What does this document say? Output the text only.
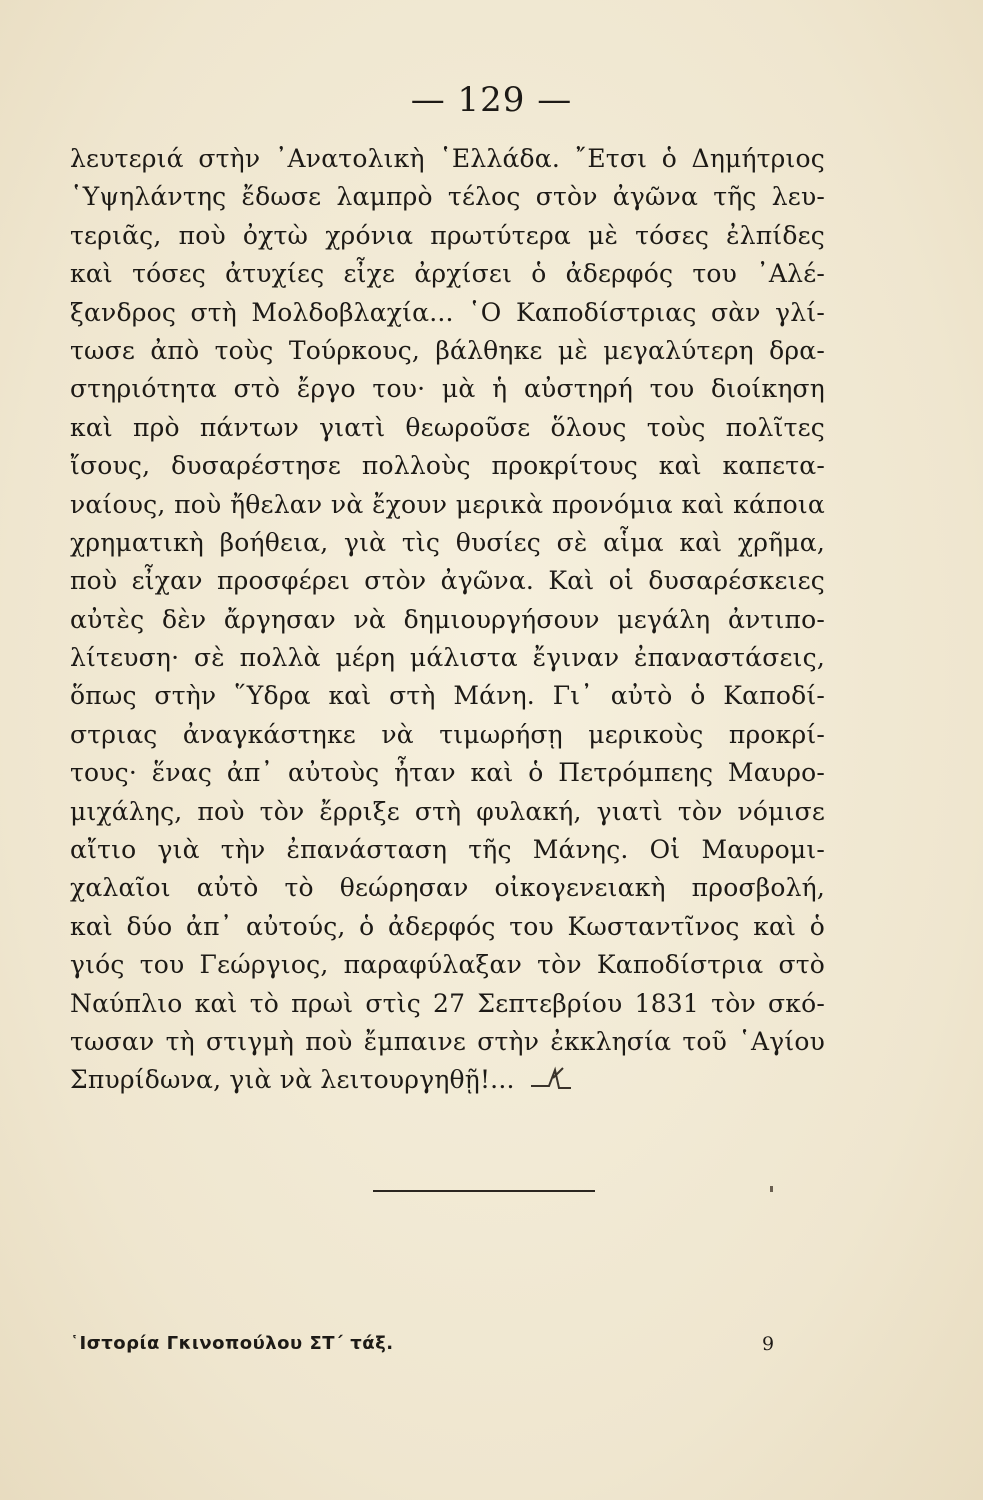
— 129 —
λευτεριά στὴν ᾿Ανατολικὴ ῾Ελλάδα. ῎Ετσι ὁ Δημήτριος
῾Υψηλάντης ἔδωσε λαμπρὸ τέλος στὸν ἀγῶνα τῆς λευ-
τεριᾶς, ποὺ ὀχτὼ χρόνια πρωτύτερα μὲ τόσες ἐλπίδες
καὶ τόσες ἀτυχίες εἶχε ἀρχίσει ὁ ἀδερφός του ᾿Αλέ-
ξανδρος στὴ Μολδοβλαχία... ῾Ο Καποδίστριας σὰν γλί-
τωσε ἀπὸ τοὺς Τούρκους, βάλθηκε μὲ μεγαλύτερη δρα-
στηριότητα στὸ ἔργο του· μὰ ἡ αὐστηρή του διοίκηση
καὶ πρὸ πάντων γιατὶ θεωροῦσε ὅλους τοὺς πολῖτες
ἴσους, δυσαρέστησε πολλοὺς προκρίτους καὶ καπετα-
ναίους, ποὺ ἤθελαν νὰ ἔχουν μερικὰ προνόμια καὶ κάποια
χρηματικὴ βοήθεια, γιὰ τὶς θυσίες σὲ αἷμα καὶ χρῆμα,
ποὺ εἶχαν προσφέρει στὸν ἀγῶνα. Καὶ οἱ δυσαρέσκειες
αὐτὲς δὲν ἄργησαν νὰ δημιουργήσουν μεγάλη ἀντιπο-
λίτευση· σὲ πολλὰ μέρη μάλιστα ἔγιναν ἐπαναστάσεις,
ὅπως στὴν ῞Υδρα καὶ στὴ Μάνη. Γι᾿ αὐτὸ ὁ Καποδί-
στριας ἀναγκάστηκε νὰ τιμωρήσῃ μερικοὺς προκρί-
τους· ἕνας ἀπ᾿ αὐτοὺς ἦταν καὶ ὁ Πετρόμπεης Μαυρο-
μιχάλης, ποὺ τὸν ἔρριξε στὴ φυλακή, γιατὶ τὸν νόμισε
αἴτιο γιὰ τὴν ἐπανάσταση τῆς Μάνης. Οἱ Μαυρομι-
χαλαῖοι αὐτὸ τὸ θεώρησαν οἰκογενειακὴ προσβολή,
καὶ δύο ἀπ᾿ αὐτούς, ὁ ἀδερφός του Κωσταντῖνος καὶ ὁ
γιός του Γεώργιος, παραφύλαξαν τὸν Καποδίστρια στὸ
Ναύπλιο καὶ τὸ πρωὶ στὶς 27 Σεπτεβρίου 1831 τὸν σκό-
τωσαν τὴ στιγμὴ ποὺ ἔμπαινε στὴν ἐκκλησία τοῦ ῾Αγίου
Σπυρίδωνα, γιὰ νὰ λειτουργηθῇ!...
῾Ιστορία Γκινοπούλου ΣΤ΄ τάξ.	9
